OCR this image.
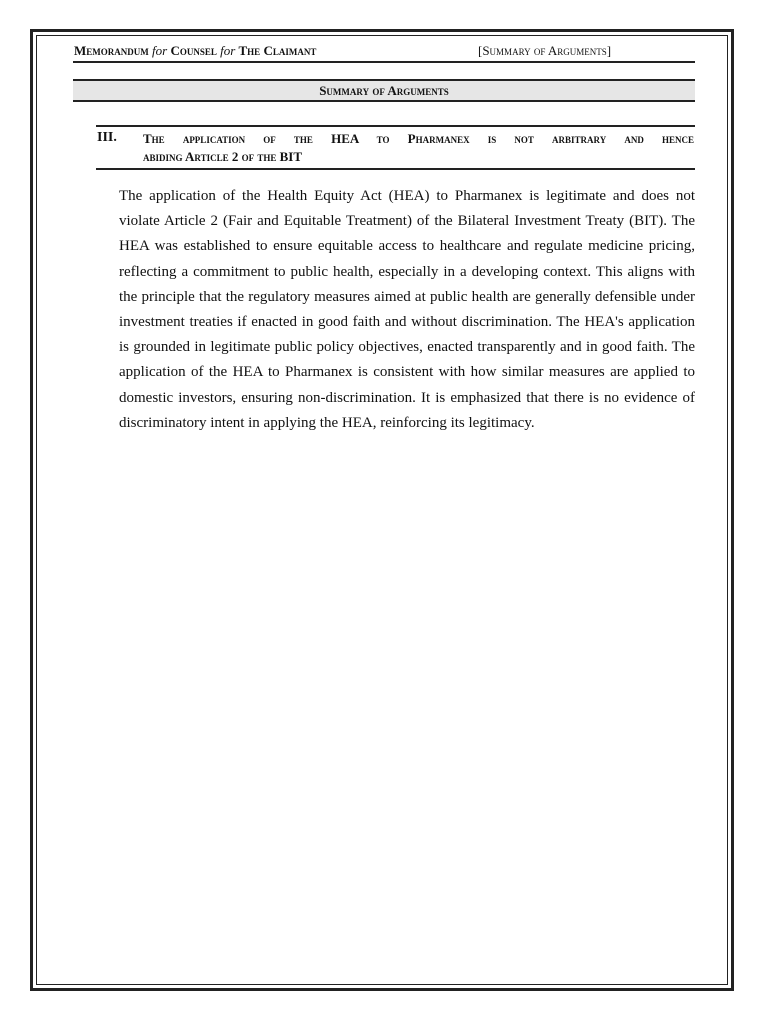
Memorandum for Counsel for The Claimant	[Summary of Arguments]
Summary of Arguments
III. The application of the HEA to Pharmanex is not arbitrary and hence
abiding Article 2 of the BIT

The application of the Health Equity Act (HEA) to Pharmanex is legitimate and does not violate Article 2 (Fair and Equitable Treatment) of the Bilateral Investment Treaty (BIT). The HEA was established to ensure equitable access to healthcare and regulate medicine pricing, reflecting a commitment to public health, especially in a developing context. This aligns with the principle that the regulatory measures aimed at public health are generally defensible under investment treaties if enacted in good faith and without discrimination. The HEA's application is grounded in legitimate public policy objectives, enacted transparently and in good faith. The application of the HEA to Pharmanex is consistent with how similar measures are applied to domestic investors, ensuring non-discrimination. It is emphasized that there is no evidence of discriminatory intent in applying the HEA, reinforcing its legitimacy.
